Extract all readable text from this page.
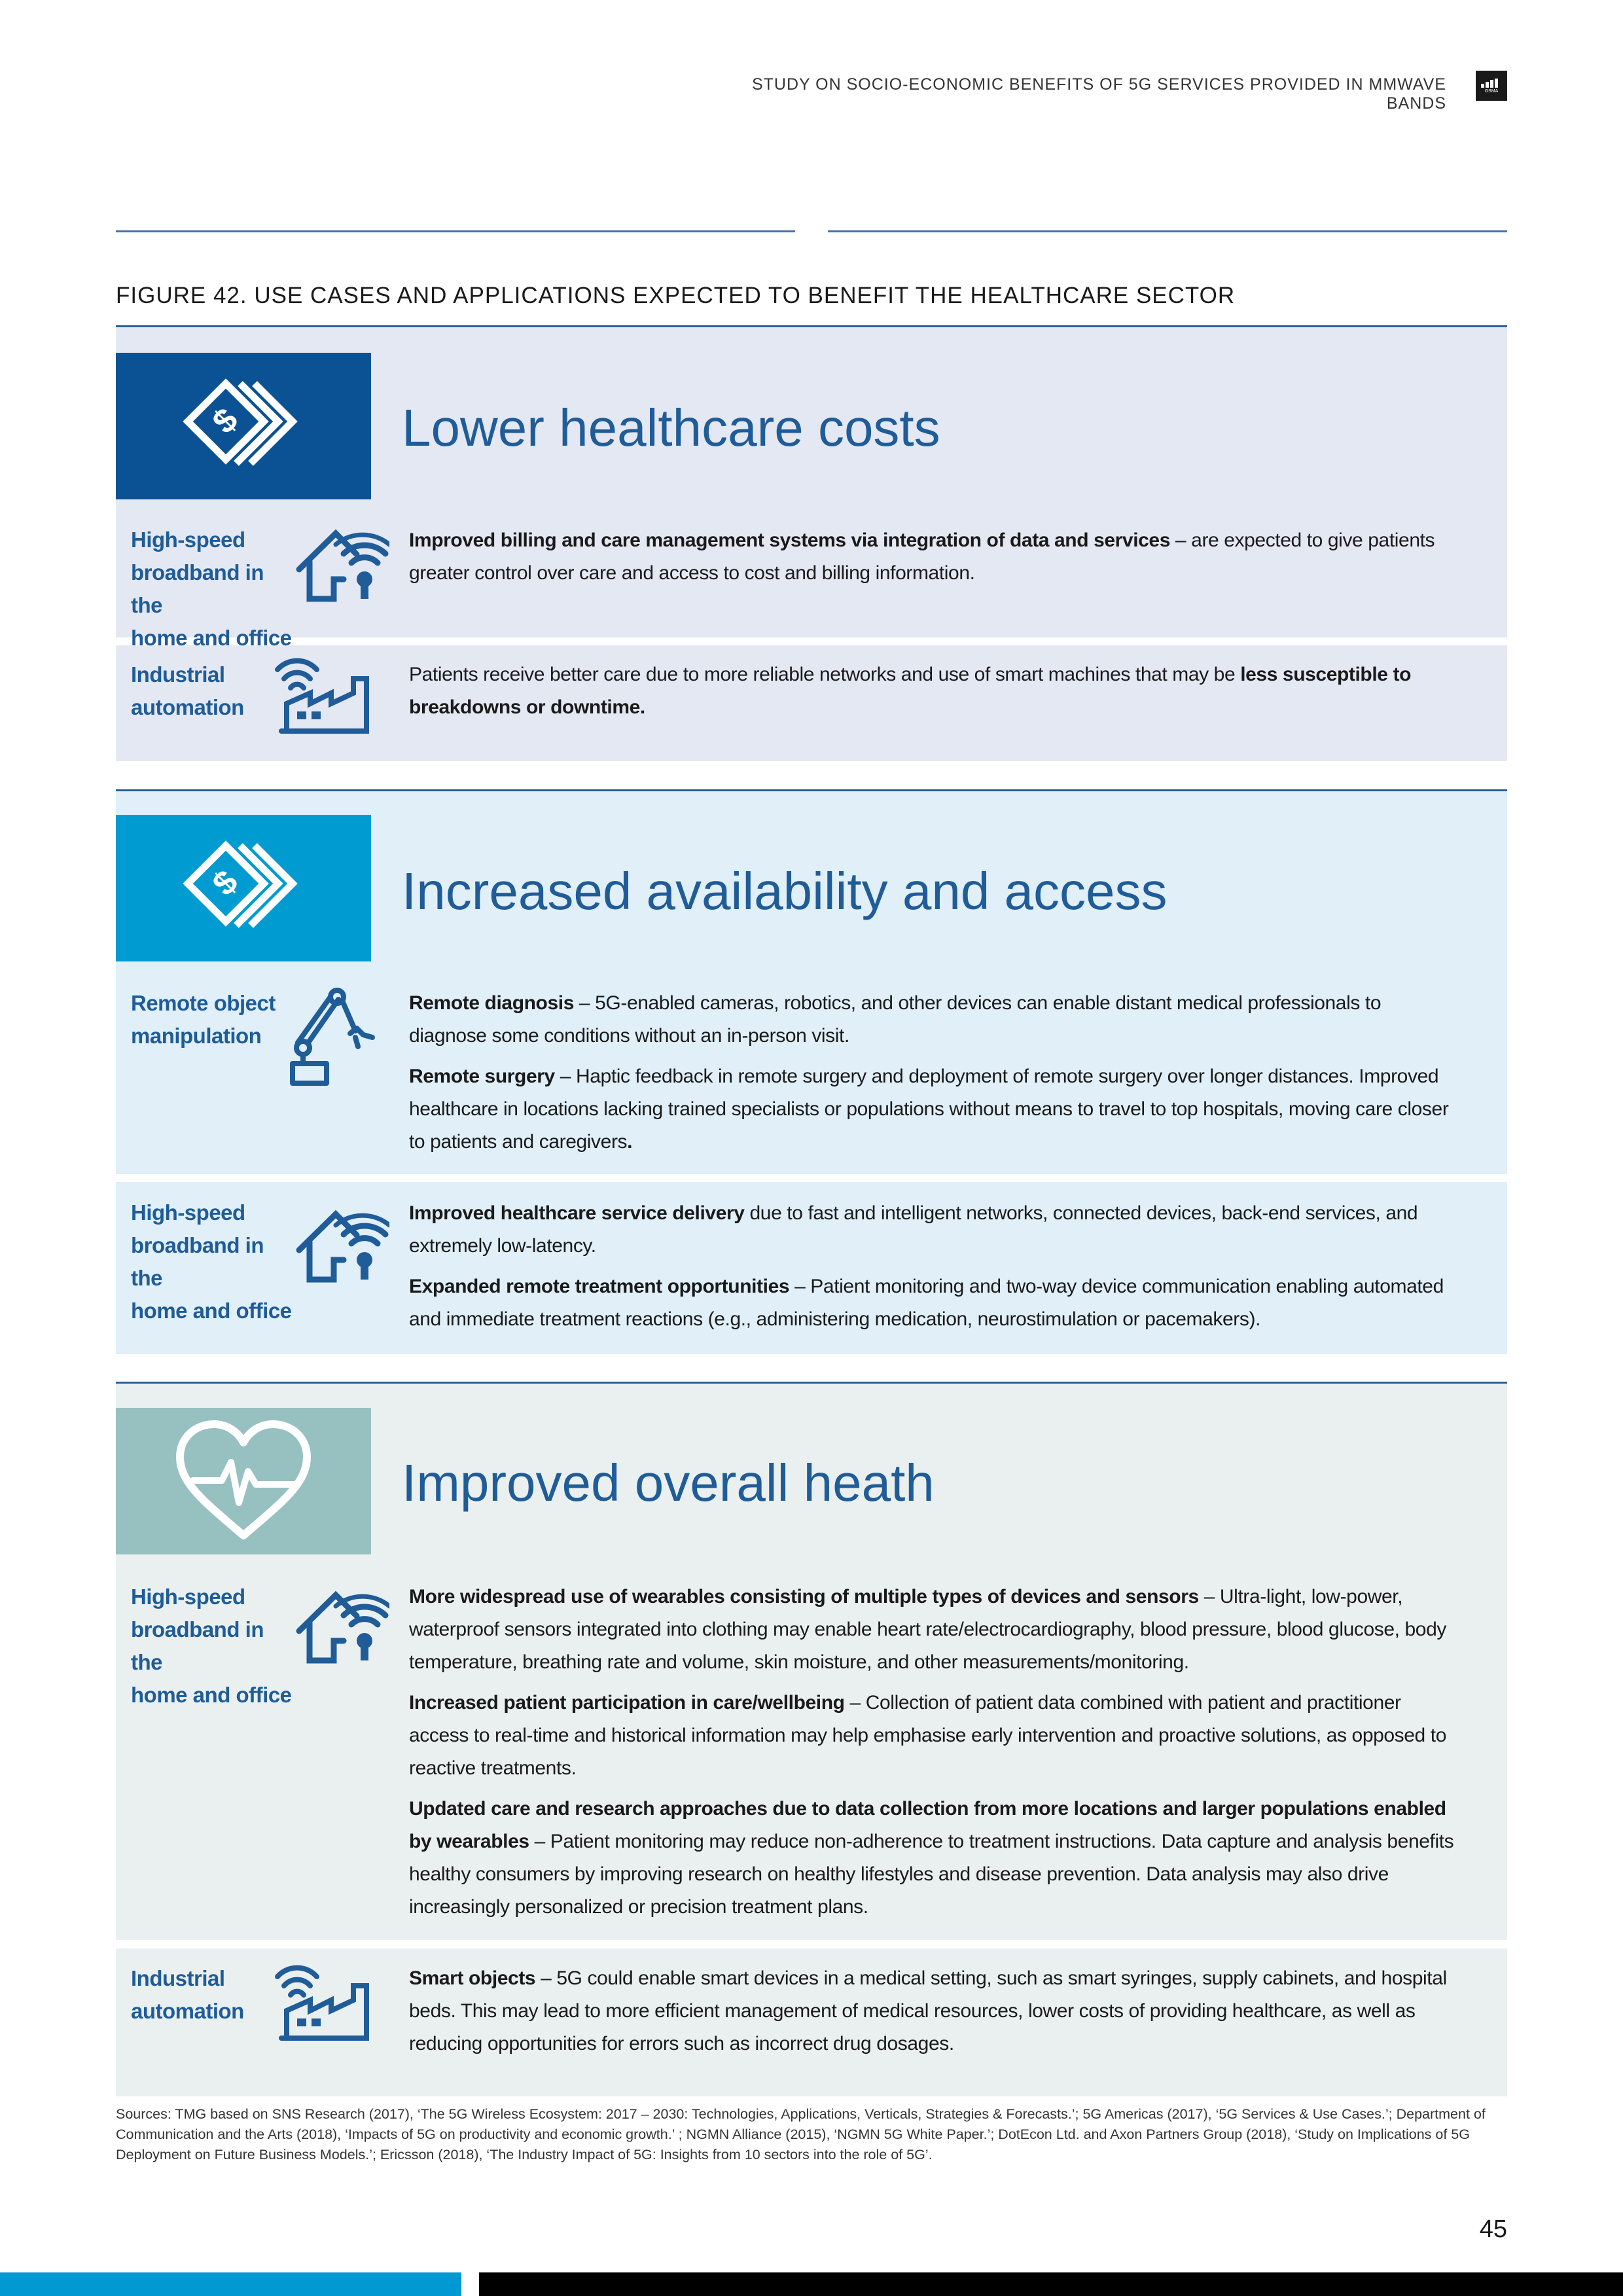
STUDY ON SOCIO-ECONOMIC BENEFITS OF 5G SERVICES PROVIDED IN MMWAVE BANDS
GSMA
FIGURE 42. USE CASES AND APPLICATIONS EXPECTED TO BENEFIT THE HEALTHCARE SECTOR
$	Lower healthcare costs
High-speed
broadband in the
home and office

Improved billing and care management systems via integration of data and services – are expected to give patients greater control over care and access to cost and billing information.

Industrial
automation

Patients receive better care due to more reliable networks and use of smart machines that may be less susceptible to breakdowns or downtime.

$	Increased availability and access
Remote object
manipulation

Remote diagnosis – 5G-enabled cameras, robotics, and other devices can enable distant medical professionals to diagnose some conditions without an in-person visit.

Remote surgery – Haptic feedback in remote surgery and deployment of remote surgery over longer distances. Improved healthcare in locations lacking trained specialists or populations without means to travel to top hospitals, moving care closer to patients and caregivers.

High-speed
broadband in the
home and office

Improved healthcare service delivery due to fast and intelligent networks, connected devices, back-end services, and extremely low-latency.

Expanded remote treatment opportunities – Patient monitoring and two-way device communication enabling automated and immediate treatment reactions (e.g., administering medication, neurostimulation or pacemakers).

Improved overall heath
High-speed
broadband in the
home and office

More widespread use of wearables consisting of multiple types of devices and sensors – Ultra-light, low-power, waterproof sensors integrated into clothing may enable heart rate/electrocardiography, blood pressure, blood glucose, body temperature, breathing rate and volume, skin moisture, and other measurements/monitoring.

Increased patient participation in care/wellbeing – Collection of patient data combined with patient and practitioner access to real-time and historical information may help emphasise early intervention and proactive solutions, as opposed to reactive treatments.

Updated care and research approaches due to data collection from more locations and larger populations enabled by wearables – Patient monitoring may reduce non-adherence to treatment instructions. Data capture and analysis benefits healthy consumers by improving research on healthy lifestyles and disease prevention. Data analysis may also drive increasingly personalized or precision treatment plans.

Industrial
automation

Smart objects – 5G could enable smart devices in a medical setting, such as smart syringes, supply cabinets, and hospital beds. This may lead to more efficient management of medical resources, lower costs of providing healthcare, as well as reducing opportunities for errors such as incorrect drug dosages.

Sources: TMG based on SNS Research (2017), ‘The 5G Wireless Ecosystem: 2017 – 2030: Technologies, Applications, Verticals, Strategies & Forecasts.’; 5G Americas (2017), ‘5G Services & Use Cases.’; Department of Communication and the Arts (2018), ‘Impacts of 5G on productivity and economic growth.’ ; NGMN Alliance (2015), ‘NGMN 5G White Paper.’; DotEcon Ltd. and Axon Partners Group (2018), ‘Study on Implications of 5G Deployment on Future Business Models.’; Ericsson (2018), ‘The Industry Impact of 5G: Insights from 10 sectors into the role of 5G’.
45
